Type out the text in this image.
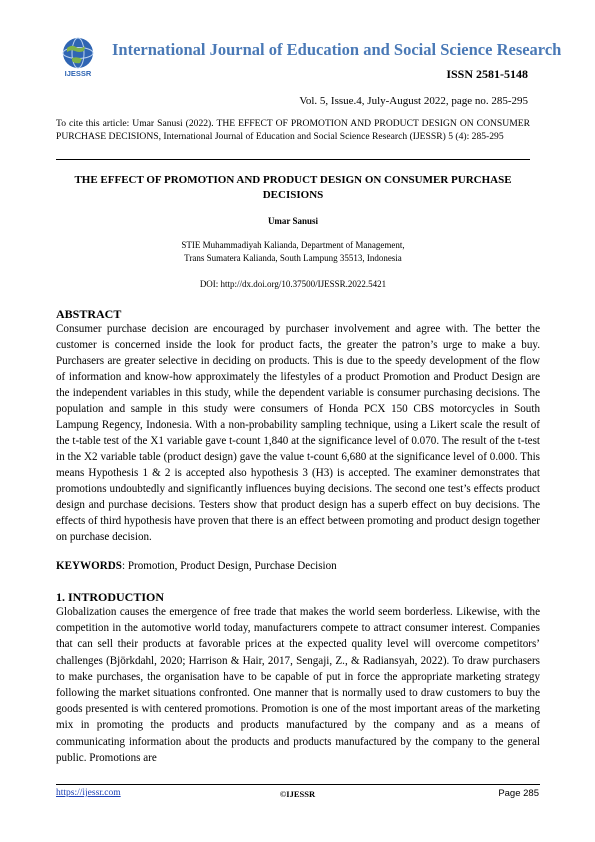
IJESSR
International Journal of Education and Social Science Research
ISSN 2581-5148
Vol. 5, Issue.4, July-August 2022, page no. 285-295
To cite this article: Umar Sanusi (2022). THE EFFECT OF PROMOTION AND PRODUCT DESIGN ON CONSUMER PURCHASE DECISIONS, International Journal of Education and Social Science Research (IJESSR) 5 (4): 285-295
THE EFFECT OF PROMOTION AND PRODUCT DESIGN ON CONSUMER PURCHASE DECISIONS
Umar Sanusi
STIE Muhammadiyah Kalianda, Department of Management,
Trans Sumatera Kalianda, South Lampung 35513, Indonesia
DOI: http://dx.doi.org/10.37500/IJESSR.2022.5421
ABSTRACT
Consumer purchase decision are encouraged by purchaser involvement and agree with. The better the customer is concerned inside the look for product facts, the greater the patron’s urge to make a buy. Purchasers are greater selective in deciding on products. This is due to the speedy development of the flow of information and know-how approximately the lifestyles of a product Promotion and Product Design are the independent variables in this study, while the dependent variable is consumer purchasing decisions. The population and sample in this study were consumers of Honda PCX 150 CBS motorcycles in South Lampung Regency, Indonesia. With a non-probability sampling technique, using a Likert scale the result of the t-table test of the X1 variable gave t-count 1,840 at the significance level of 0.070. The result of the t-test in the X2 variable table (product design) gave the value t-count 6,680 at the significance level of 0.000. This means Hypothesis 1 & 2 is accepted also hypothesis 3 (H3) is accepted. The examiner demonstrates that promotions undoubtedly and significantly influences buying decisions. The second one test’s effects product design and purchase decisions. Testers show that product design has a superb effect on buy decisions. The effects of third hypothesis have proven that there is an effect between promoting and product design together on purchase decision.
KEYWORDS: Promotion, Product Design, Purchase Decision
1. INTRODUCTION
Globalization causes the emergence of free trade that makes the world seem borderless. Likewise, with the competition in the automotive world today, manufacturers compete to attract consumer interest. Companies that can sell their products at favorable prices at the expected quality level will overcome competitors’ challenges (Björkdahl, 2020; Harrison & Hair, 2017, Sengaji, Z., & Radiansyah, 2022). To draw purchasers to make purchases, the organisation have to be capable of put in force the appropriate marketing strategy following the market situations confronted. One manner that is normally used to draw customers to buy the goods presented is with centered promotions. Promotion is one of the most important areas of the marketing mix in promoting the products and products manufactured by the company and as a means of communicating information about the products and products manufactured by the company to the general public. Promotions are
https://ijessr.com	©IJESSR	Page 285
